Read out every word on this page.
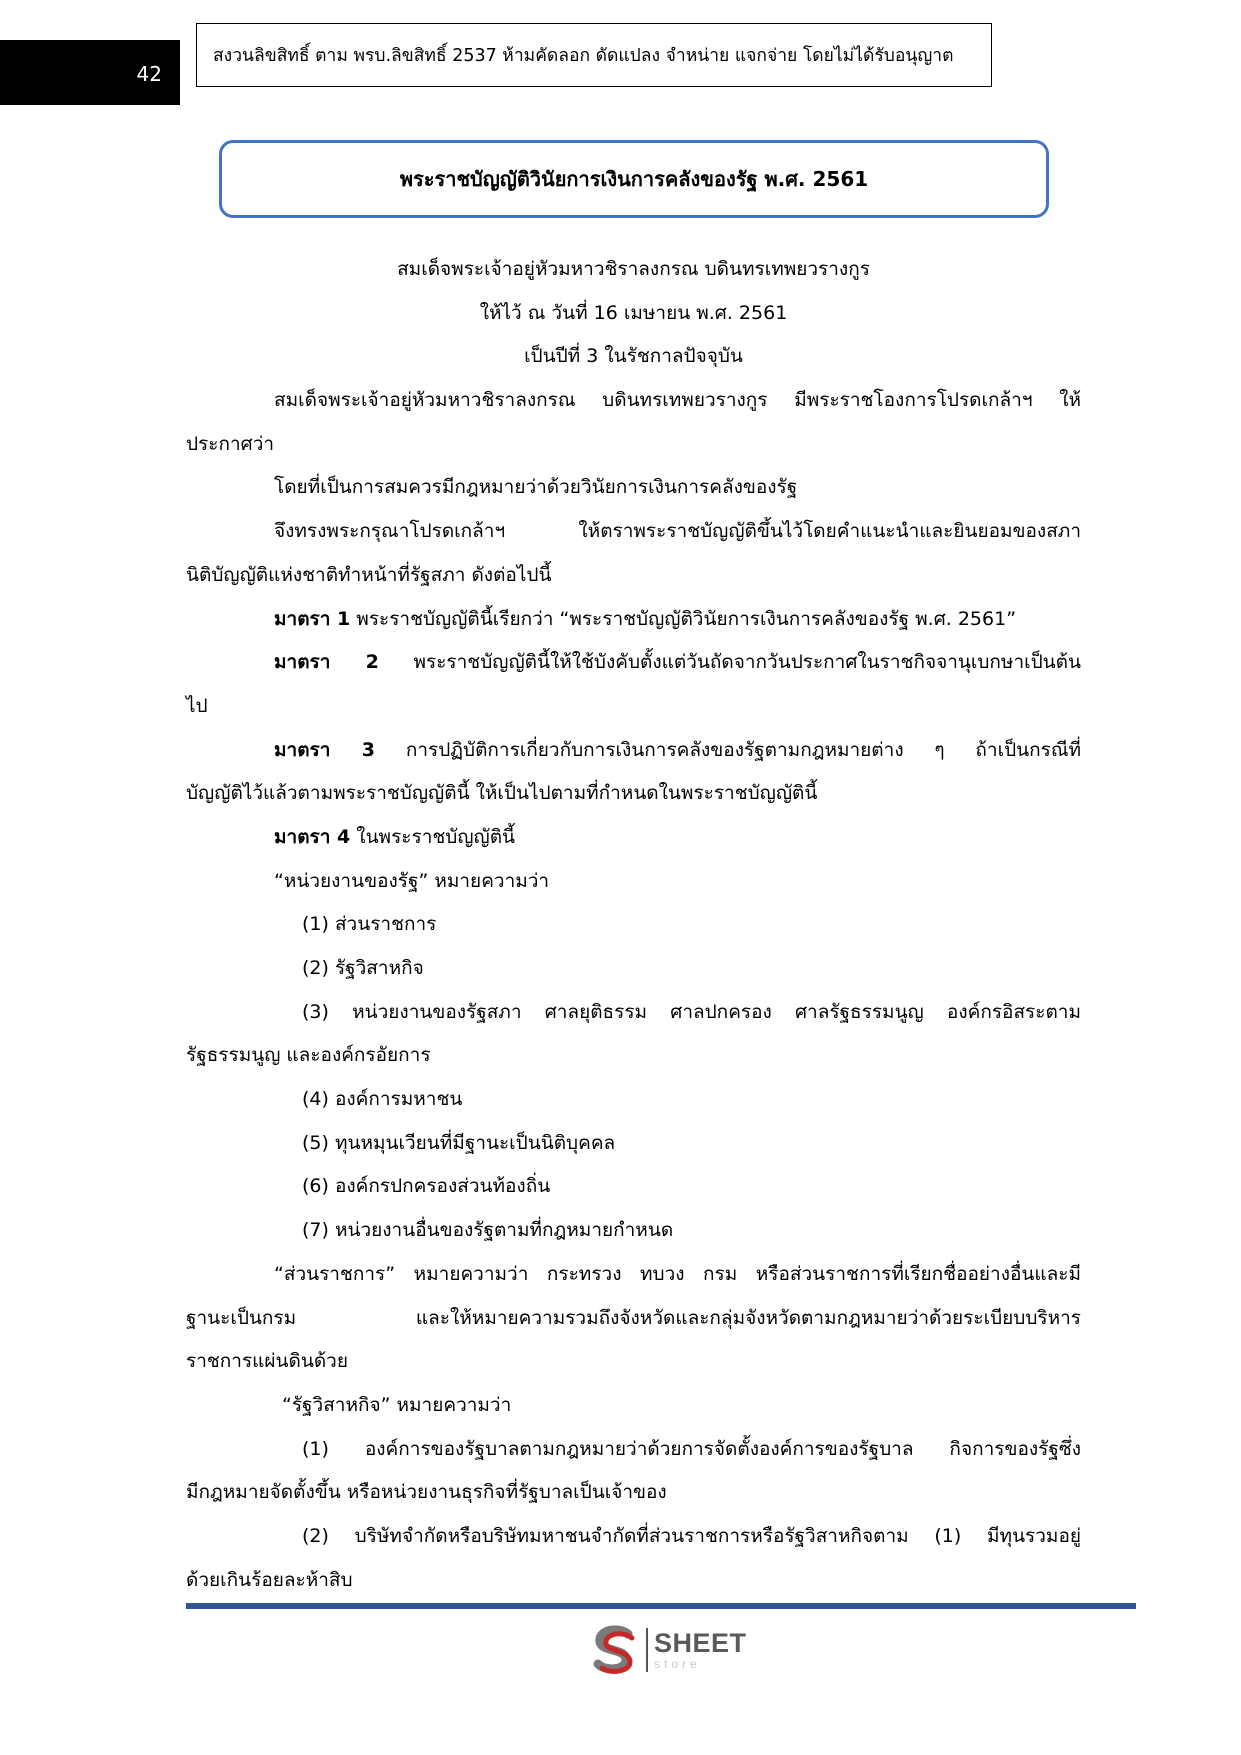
42
สงวนลิขสิทธิ์ ตาม พรบ.ลิขสิทธิ์ 2537 ห้ามคัดลอก ดัดแปลง จำหน่าย แจกจ่าย โดยไม่ได้รับอนุญาต
พระราชบัญญัติวินัยการเงินการคลังของรัฐ พ.ศ. 2561
สมเด็จพระเจ้าอยู่หัวมหาวชิราลงกรณ บดินทรเทพยวรางกูร
ให้ไว้ ณ วันที่ 16 เมษายน พ.ศ. 2561
เป็นปีที่ 3 ในรัชกาลปัจจุบัน
สมเด็จพระเจ้าอยู่หัวมหาวชิราลงกรณ บดินทรเทพยวรางกูร มีพระราชโองการโปรดเกล้าฯ ให้
ประกาศว่า
โดยที่เป็นการสมควรมีกฎหมายว่าด้วยวินัยการเงินการคลังของรัฐ
จึงทรงพระกรุณาโปรดเกล้าฯ ให้ตราพระราชบัญญัติขึ้นไว้โดยคำแนะนำและยินยอมของสภา
นิติบัญญัติแห่งชาติทำหน้าที่รัฐสภา ดังต่อไปนี้
มาตรา 1 พระราชบัญญัตินี้เรียกว่า “พระราชบัญญัติวินัยการเงินการคลังของรัฐ พ.ศ. 2561”
มาตรา 2 พระราชบัญญัตินี้ให้ใช้บังคับตั้งแต่วันถัดจากวันประกาศในราชกิจจานุเบกษาเป็นต้น
ไป
มาตรา 3 การปฏิบัติการเกี่ยวกับการเงินการคลังของรัฐตามกฎหมายต่าง ๆ ถ้าเป็นกรณีที่
บัญญัติไว้แล้วตามพระราชบัญญัตินี้ ให้เป็นไปตามที่กำหนดในพระราชบัญญัตินี้
มาตรา 4 ในพระราชบัญญัตินี้
“หน่วยงานของรัฐ” หมายความว่า
(1) ส่วนราชการ
(2) รัฐวิสาหกิจ
(3) หน่วยงานของรัฐสภา ศาลยุติธรรม ศาลปกครอง ศาลรัฐธรรมนูญ องค์กรอิสระตาม
รัฐธรรมนูญ และองค์กรอัยการ
(4) องค์การมหาชน
(5) ทุนหมุนเวียนที่มีฐานะเป็นนิติบุคคล
(6) องค์กรปกครองส่วนท้องถิ่น
(7) หน่วยงานอื่นของรัฐตามที่กฎหมายกำหนด
“ส่วนราชการ” หมายความว่า กระทรวง ทบวง กรม หรือส่วนราชการที่เรียกชื่ออย่างอื่นและมี
ฐานะเป็นกรม และให้หมายความรวมถึงจังหวัดและกลุ่มจังหวัดตามกฎหมายว่าด้วยระเบียบบริหาร
ราชการแผ่นดินด้วย
“รัฐวิสาหกิจ” หมายความว่า
(1) องค์การของรัฐบาลตามกฎหมายว่าด้วยการจัดตั้งองค์การของรัฐบาล กิจการของรัฐซึ่ง
มีกฎหมายจัดตั้งขึ้น หรือหน่วยงานธุรกิจที่รัฐบาลเป็นเจ้าของ
(2) บริษัทจำกัดหรือบริษัทมหาชนจำกัดที่ส่วนราชการหรือรัฐวิสาหกิจตาม (1) มีทุนรวมอยู่
ด้วยเกินร้อยละห้าสิบ
SHEET
store
